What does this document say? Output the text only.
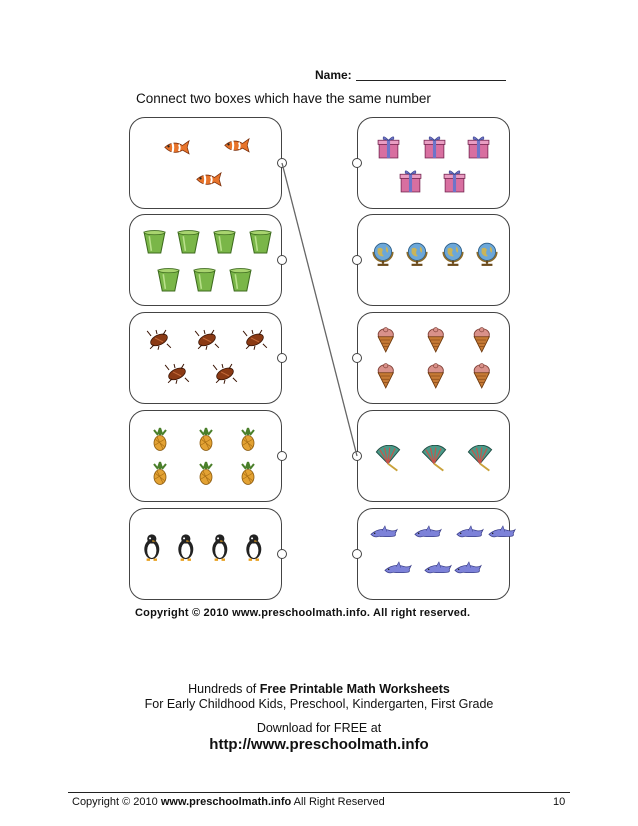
Name:
Connect two boxes which have the same number
Copyright © 2010 www.preschoolmath.info. All right reserved.
Hundreds of Free Printable Math Worksheets
For Early Childhood Kids, Preschool, Kindergarten, First Grade
Download for FREE at
http://www.preschoolmath.info
Copyright © 2010 www.preschoolmath.info All Right Reserved	10
